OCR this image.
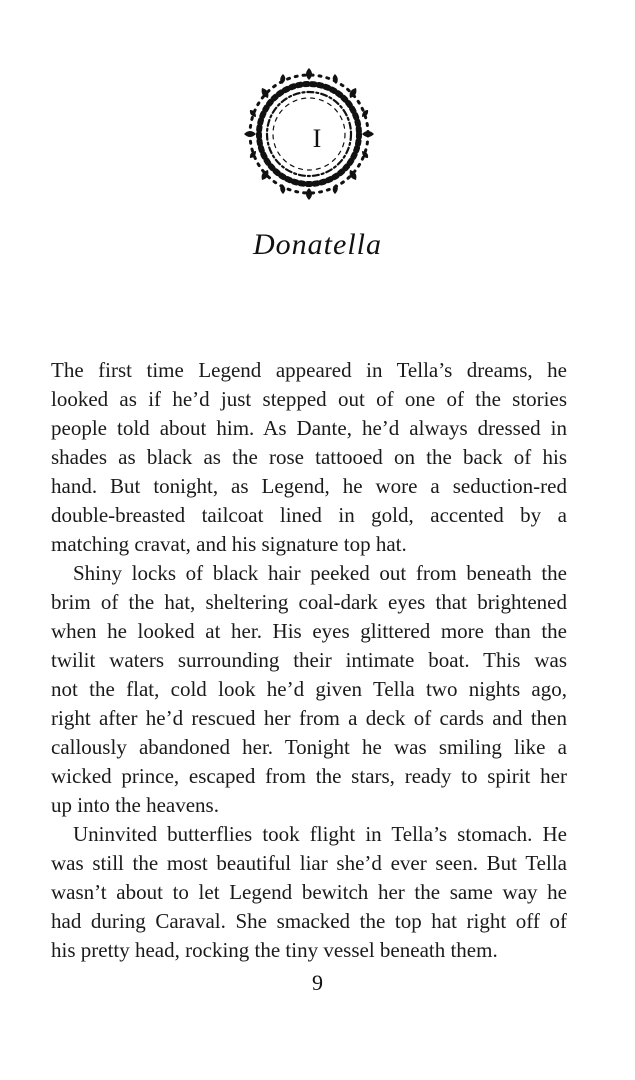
I
Donatella

The first time Legend appeared in Tella’s dreams, he
looked as if he’d just stepped out of one of the stories
people told about him. As Dante, he’d always dressed in
shades as black as the rose tattooed on the back of his
hand. But tonight, as Legend, he wore a seduction-red
double-breasted tailcoat lined in gold, accented by a
matching cravat, and his signature top hat.

Shiny locks of black hair peeked out from beneath the
brim of the hat, sheltering coal-dark eyes that brightened
when he looked at her. His eyes glittered more than the
twilit waters surrounding their intimate boat. This was
not the flat, cold look he’d given Tella two nights ago,
right after he’d rescued her from a deck of cards and then
callously abandoned her. Tonight he was smiling like a
wicked prince, escaped from the stars, ready to spirit her
up into the heavens.

Uninvited butterflies took flight in Tella’s stomach. He
was still the most beautiful liar she’d ever seen. But Tella
wasn’t about to let Legend bewitch her the same way he
had during Caraval. She smacked the top hat right off of
his pretty head, rocking the tiny vessel beneath them.

9
